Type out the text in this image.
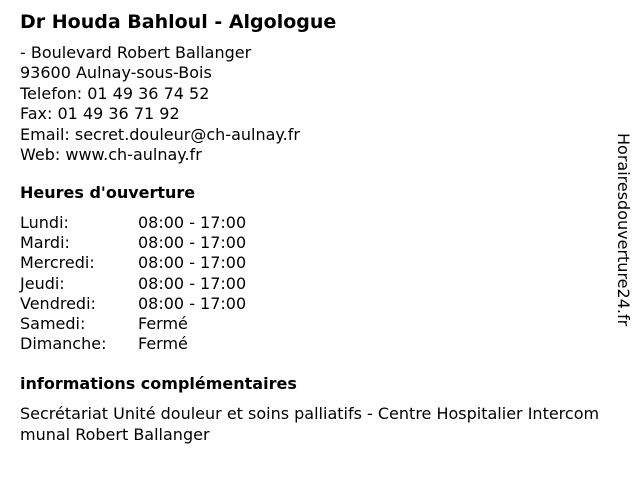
Dr Houda Bahloul - Algologue
- Boulevard Robert Ballanger
93600 Aulnay-sous-Bois
Telefon: 01 49 36 74 52
Fax: 01 49 36 71 92
Email: secret.douleur@ch-aulnay.fr
Web: www.ch-aulnay.fr
Heures d'ouverture
Lundi:	08:00 - 17:00
Mardi:	08:00 - 17:00
Mercredi:	08:00 - 17:00
Jeudi:	08:00 - 17:00
Vendredi:	08:00 - 17:00
Samedi:	Fermé
Dimanche:	Fermé
informations complémentaires
Secrétariat Unité douleur et soins palliatifs - Centre Hospitalier Intercommunal Robert Ballanger
Horairesdouverture24.fr
